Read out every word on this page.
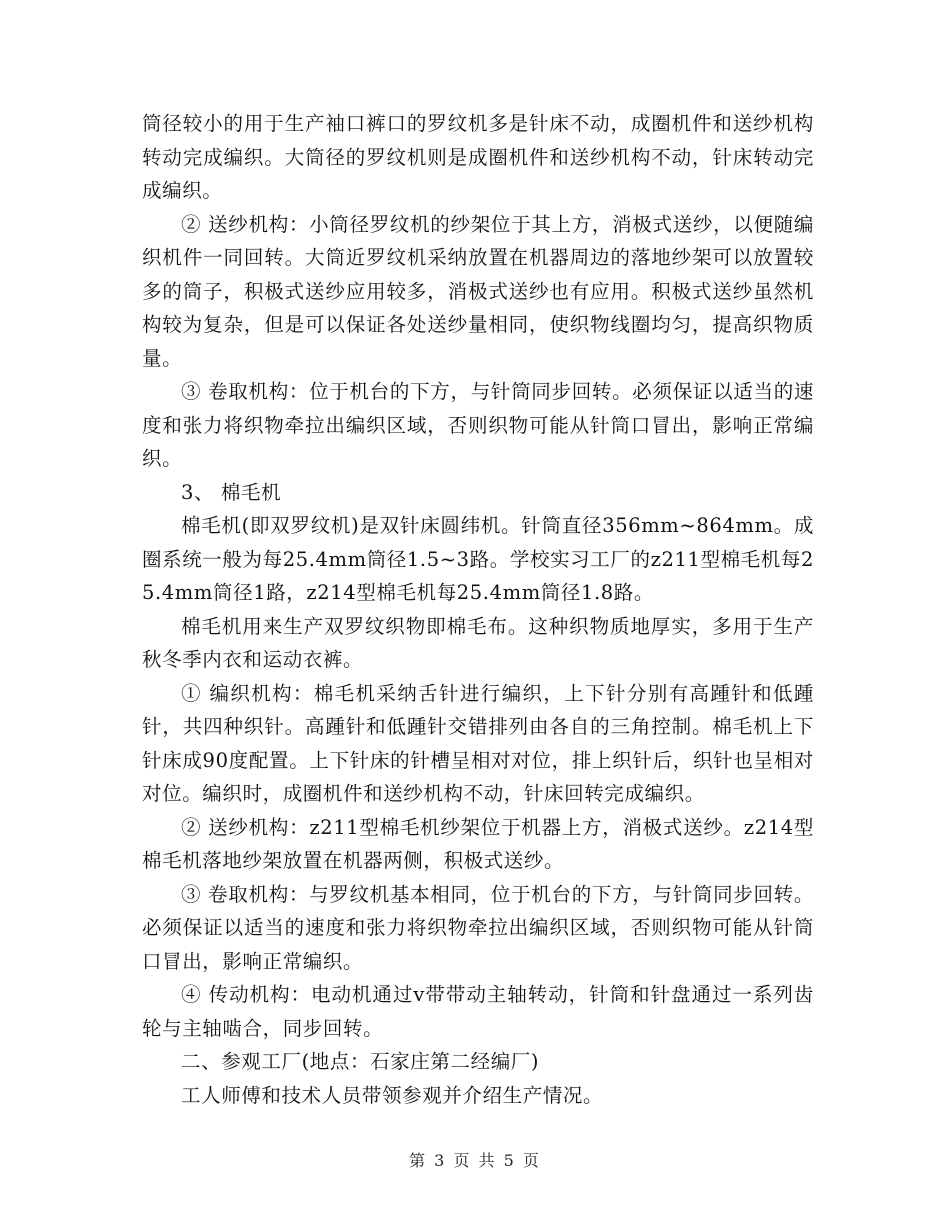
筒径较小的用于生产袖口裤口的罗纹机多是针床不动，成圈机件和送纱机构转动完成编织。大筒径的罗纹机则是成圈机件和送纱机构不动，针床转动完成编织。

② 送纱机构：小筒径罗纹机的纱架位于其上方，消极式送纱，以便随编织机件一同回转。大筒近罗纹机采纳放置在机器周边的落地纱架可以放置较多的筒子，积极式送纱应用较多，消极式送纱也有应用。积极式送纱虽然机构较为复杂，但是可以保证各处送纱量相同，使织物线圈均匀，提高织物质量。

③ 卷取机构：位于机台的下方，与针筒同步回转。必须保证以适当的速度和张力将织物牵拉出编织区域，否则织物可能从针筒口冒出，影响正常编织。

3、 棉毛机

棉毛机(即双罗纹机)是双针床圆纬机。针筒直径356mm~864mm。成圈系统一般为每25.4mm筒径1.5~3路。学校实习工厂的z211型棉毛机每25.4mm筒径1路，z214型棉毛机每25.4mm筒径1.8路。

棉毛机用来生产双罗纹织物即棉毛布。这种织物质地厚实，多用于生产秋冬季内衣和运动衣裤。

① 编织机构：棉毛机采纳舌针进行编织，上下针分别有高踵针和低踵针，共四种织针。高踵针和低踵针交错排列由各自的三角控制。棉毛机上下针床成90度配置。上下针床的针槽呈相对对位，排上织针后，织针也呈相对对位。编织时，成圈机件和送纱机构不动，针床回转完成编织。

② 送纱机构：z211型棉毛机纱架位于机器上方，消极式送纱。z214型棉毛机落地纱架放置在机器两侧，积极式送纱。

③ 卷取机构：与罗纹机基本相同，位于机台的下方，与针筒同步回转。必须保证以适当的速度和张力将织物牵拉出编织区域，否则织物可能从针筒口冒出，影响正常编织。

④ 传动机构：电动机通过v带带动主轴转动，针筒和针盘通过一系列齿轮与主轴啮合，同步回转。

二、参观工厂(地点：石家庄第二经编厂)

工人师傅和技术人员带领参观并介绍生产情况。

第 3 页 共 5 页
